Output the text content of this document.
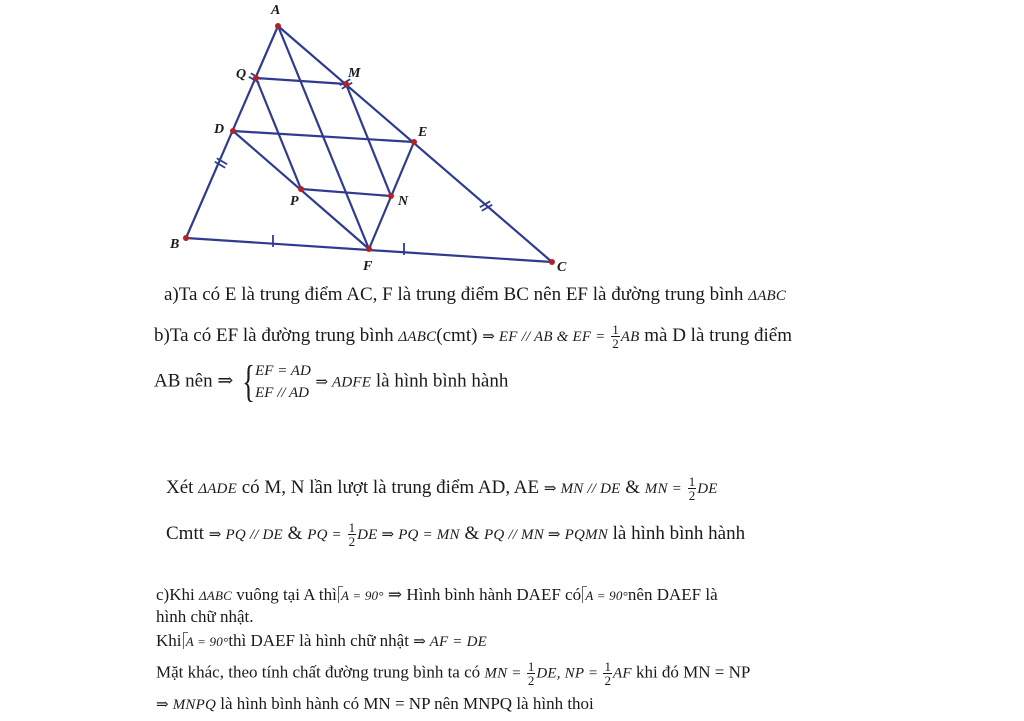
A
B
C
D	E
F
M
N
P
Q
a)Ta có E là trung điểm AC, F là trung điểm BC nên EF là đường trung bình ΔABC
b)Ta có EF là đường trung bình ΔABC(cmt) ⇒ EF // AB & EF = $\frac{1}{2}$ AB mà D là trung điểm
AB nên ⇒ { EF = AD
EF // AD
⇒ ADFE là hình bình hành
Xét ΔADE có M, N lần lượt là trung điểm AD, AE ⇒ MN // DE & MN = $\frac{1}{2}$ DE
Cmtt ⇒ PQ // DE & PQ = $\frac{1}{2}$ DE ⇒ PQ = MN & PQ // MN ⇒ PQMN là hình bình hành
c)Khi ΔABC vuông tại A thì A = 90° ⇒ Hình bình hành DAEF có A = 90°nên DAEF là
hình chữ nhật.
Khi A = 90°thì DAEF là hình chữ nhật ⇒ AF = DE
Mặt khác, theo tính chất đường trung bình ta có MN = $\frac{1}{2}$ DE, NP = $\frac{1}{2}$ AF khi đó MN = NP
⇒ MNPQ là hình bình hành có MN = NP nên MNPQ là hình thoi
